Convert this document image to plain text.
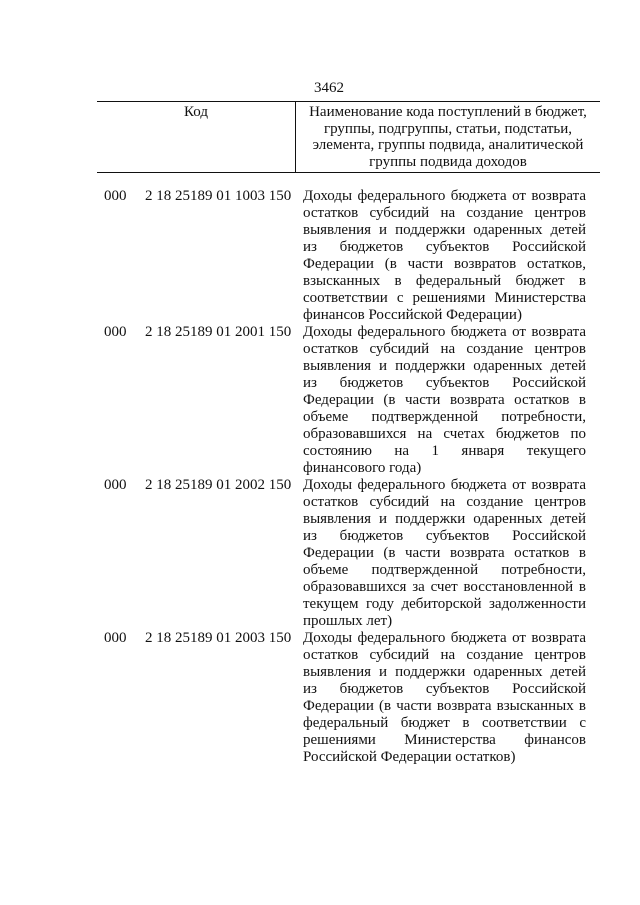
3462
Код	Наименование кода поступлений в бюджет, группы, подгруппы, статьи, подстатьи, элемента, группы подвида, аналитической группы подвида доходов
000	2 18 25189 01 1003 150 Доходы федерального бюджета от возврата остатков субсидий на создание центров выявления и поддержки одаренных детей из бюджетов субъектов Российской Федерации (в части возвратов остатков, взысканных в федеральный бюджет в соответствии с решениями Министерства финансов Российской Федерации)
000	2 18 25189 01 2001 150 Доходы федерального бюджета от возврата остатков субсидий на создание центров выявления и поддержки одаренных детей из бюджетов субъектов Российской Федерации (в части возврата остатков в объеме подтвержденной потребности, образовавшихся на счетах бюджетов по состоянию на 1 января текущего финансового года)
000	2 18 25189 01 2002 150 Доходы федерального бюджета от возврата остатков субсидий на создание центров выявления и поддержки одаренных детей из бюджетов субъектов Российской Федерации (в части возврата остатков в объеме подтвержденной потребности, образовавшихся за счет восстановленной в текущем году дебиторской задолженности прошлых лет)
000	2 18 25189 01 2003 150 Доходы федерального бюджета от возврата остатков субсидий на создание центров выявления и поддержки одаренных детей из бюджетов субъектов Российской Федерации (в части возврата взысканных в федеральный бюджет в соответствии с решениями Министерства финансов Российской Федерации остатков)
